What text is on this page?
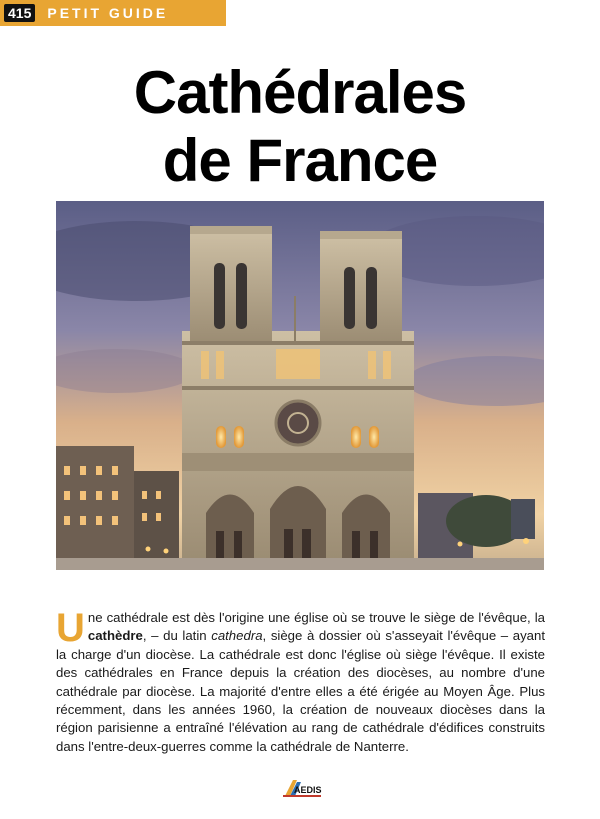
415 PETIT GUIDE
Cathédrales
de France
Une cathédrale est dès l'origine une église où se trouve le siège de l'évêque, la cathèdre, – du latin cathedra, siège à dossier où s'asseyait l'évêque – ayant la charge d'un diocèse. La cathédrale est donc l'église où siège l'évêque. Il existe des cathédrales en France depuis la création des diocèses, au nombre d'une cathédrale par diocèse. La majorité d'entre elles a été érigée au Moyen Âge. Plus récemment, dans les années 1960, la création de nouveaux diocèses dans la région parisienne a entraîné l'élévation au rang de cathédrale d'édifices construits dans l'entre-deux-guerres comme la cathédrale de Nanterre.
AEDIS
